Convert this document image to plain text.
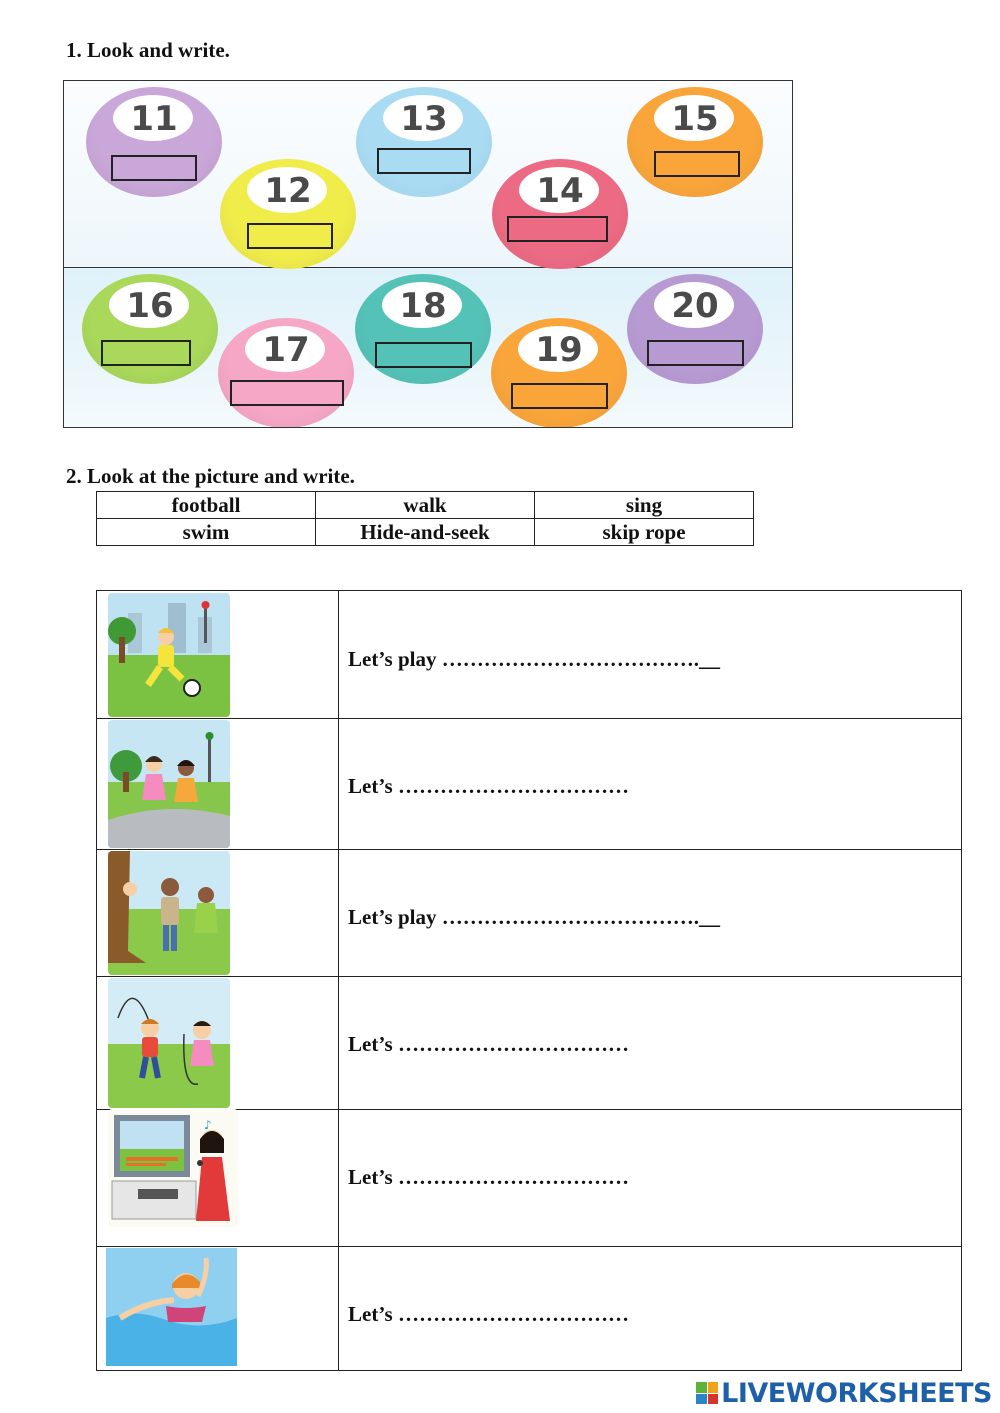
1. Look and write.
11
12
13
14
15
16
17
18
19
20
2. Look at the picture and write.
football	walk	sing
swim	Hide-and-seek	skip rope
Let’s play ……………………………….__
Let’s ……………………………
Let’s play ……………………………….__
Let’s ……………………………
♪
Let’s ……………………………
Let’s ……………………………
LIVEWORKSHEETS
